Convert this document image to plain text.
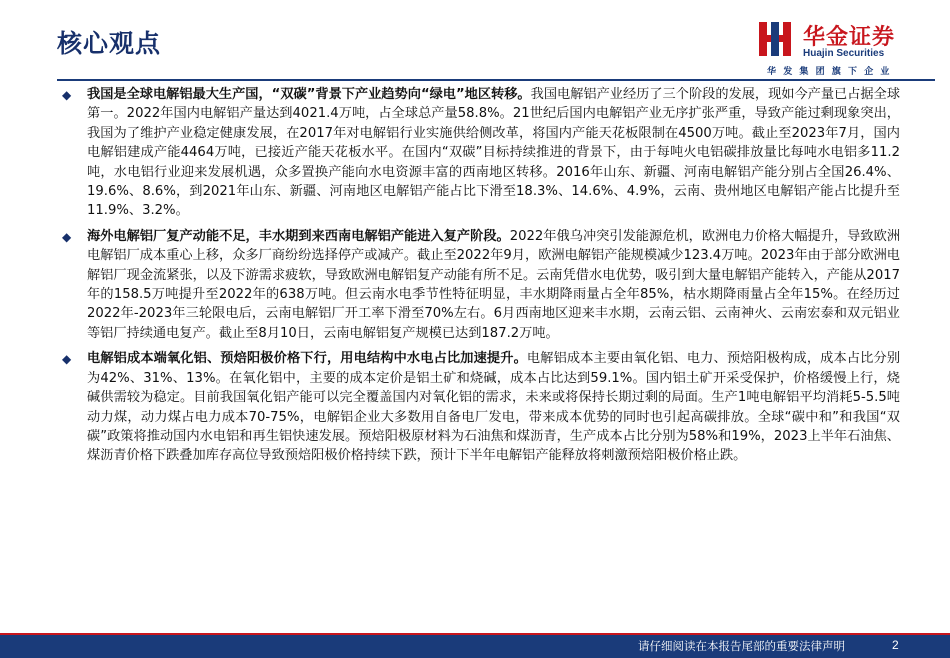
核心观点	华金证券
Huajin Securities
华发集团旗下企业
◆ 我国是全球电解铝最大生产国，“双碳”背景下产业趋势向“绿电”地区转移。我国电解铝产业经历了三个阶段的发展，现如今产量已占据全球第一。2022年国内电解铝产量达到4021.4万吨，占全球总产量58.8%。21世纪后国内电解铝产业无序扩张严重，导致产能过剩现象突出，我国为了维护产业稳定健康发展，在2017年对电解铝行业实施供给侧改革，将国内产能天花板限制在4500万吨。截止至2023年7月，国内电解铝建成产能4464万吨，已接近产能天花板水平。在国内“双碳”目标持续推进的背景下，由于每吨火电铝碳排放量比每吨水电铝多11.2吨，水电铝行业迎来发展机遇，众多置换产能向水电资源丰富的西南地区转移。2016年山东、新疆、河南电解铝产能分别占全国26.4%、19.6%、8.6%，到2021年山东、新疆、河南地区电解铝产能占比下滑至18.3%、14.6%、4.9%，云南、贵州地区电解铝产能占比提升至11.9%、3.2%。
◆ 海外电解铝厂复产动能不足，丰水期到来西南电解铝产能进入复产阶段。2022年俄乌冲突引发能源危机，欧洲电力价格大幅提升，导致欧洲电解铝厂成本重心上移，众多厂商纷纷选择停产或减产。截止至2022年9月，欧洲电解铝产能规模减少123.4万吨。2023年由于部分欧洲电解铝厂现金流紧张，以及下游需求疲软，导致欧洲电解铝复产动能有所不足。云南凭借水电优势，吸引到大量电解铝产能转入，产能从2017年的158.5万吨提升至2022年的638万吨。但云南水电季节性特征明显，丰水期降雨量占全年85%，枯水期降雨量占全年15%。在经历过2022年-2023年三轮限电后，云南电解铝厂开工率下滑至70%左右。6月西南地区迎来丰水期，云南云铝、云南神火、云南宏泰和双元铝业等铝厂持续通电复产。截止至8月10日，云南电解铝复产规模已达到187.2万吨。
◆ 电解铝成本端氧化铝、预焙阳极价格下行，用电结构中水电占比加速提升。电解铝成本主要由氧化铝、电力、预焙阳极构成，成本占比分别为42%、31%、13%。在氧化铝中，主要的成本定价是铝土矿和烧碱，成本占比达到59.1%。国内铝土矿开采受保护，价格缓慢上行，烧碱供需较为稳定。目前我国氧化铝产能可以完全覆盖国内对氧化铝的需求，未来或将保持长期过剩的局面。生产1吨电解铝平均消耗5-5.5吨动力煤，动力煤占电力成本70-75%，电解铝企业大多数用自备电厂发电，带来成本优势的同时也引起高碳排放。全球“碳中和”和我国“双碳”政策将推动国内水电铝和再生铝快速发展。预焙阳极原材料为石油焦和煤沥青，生产成本占比分别为58%和19%，2023上半年石油焦、煤沥青价格下跌叠加库存高位导致预焙阳极价格持续下跌，预计下半年电解铝产能释放将刺激预焙阳极价格止跌。
请仔细阅读在本报告尾部的重要法律声明	2
